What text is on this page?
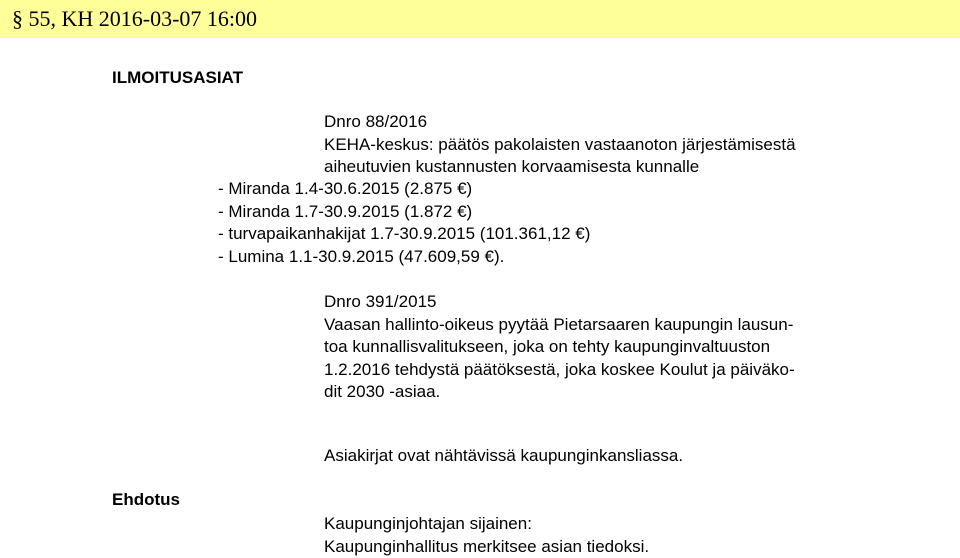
§ 55, KH 2016-03-07 16:00
ILMOITUSASIAT
Dnro 88/2016
KEHA-keskus: päätös pakolaisten vastaanoton järjestämisestä
aiheutuvien kustannusten korvaamisesta kunnalle
- Miranda 1.4-30.6.2015 (2.875 €)
- Miranda 1.7-30.9.2015 (1.872 €)
- turvapaikanhakijat 1.7-30.9.2015 (101.361,12 €)
- Lumina 1.1-30.9.2015 (47.609,59 €).
Dnro 391/2015
Vaasan hallinto-oikeus pyytää Pietarsaaren kaupungin lausun-
toa kunnallisvalitukseen, joka on tehty kaupunginvaltuuston
1.2.2016 tehdystä päätöksestä, joka koskee Koulut ja päiväko-
dit 2030 -asiaa.
Asiakirjat ovat nähtävissä kaupunginkansliassa.
Ehdotus
Kaupunginjohtajan sijainen:
Kaupunginhallitus merkitsee asian tiedoksi.
